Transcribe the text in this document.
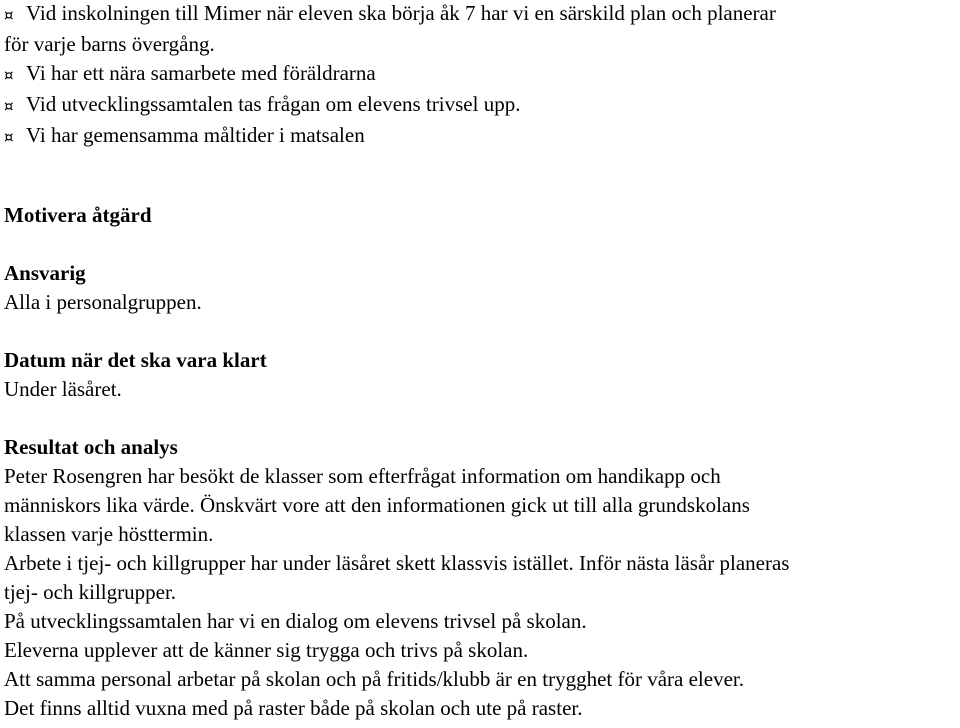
¤ Vid inskolningen till Mimer när eleven ska börja åk 7 har vi en särskild plan och planerar
för varje barns övergång.
¤ Vi har ett nära samarbete med föräldrarna
¤ Vid utvecklingssamtalen tas frågan om elevens trivsel upp.
¤ Vi har gemensamma måltider i matsalen
Motivera åtgärd
Ansvarig
Alla i personalgruppen.
Datum när det ska vara klart
Under läsåret.
Resultat och analys
Peter Rosengren har besökt de klasser som efterfrågat information om handikapp och
människors lika värde. Önskvärt vore att den informationen gick ut till alla grundskolans
klassen varje hösttermin.
Arbete i tjej- och killgrupper har under läsåret skett klassvis istället. Inför nästa läsår planeras
tjej- och killgrupper.
På utvecklingssamtalen har vi en dialog om elevens trivsel på skolan.
Eleverna upplever att de känner sig trygga och trivs på skolan.
Att samma personal arbetar på skolan och på fritids/klubb är en trygghet för våra elever.
Det finns alltid vuxna med på raster både på skolan och ute på raster.
